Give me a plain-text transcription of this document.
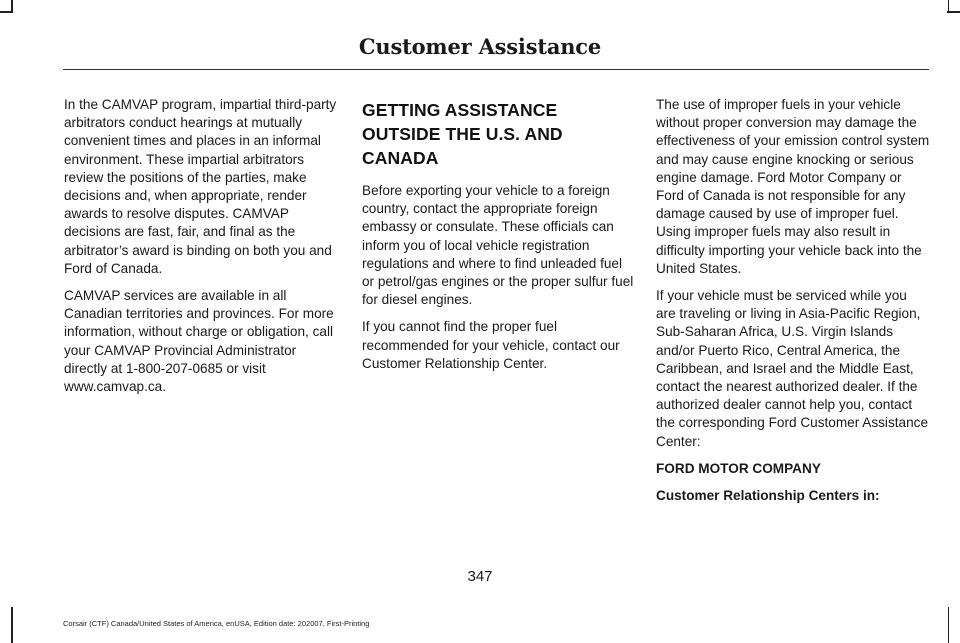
Customer Assistance

In the CAMVAP program, impartial third-party arbitrators conduct hearings at mutually convenient times and places in an informal environment. These impartial arbitrators review the positions of the parties, make decisions and, when appropriate, render awards to resolve disputes. CAMVAP decisions are fast, fair, and final as the arbitrator’s award is binding on both you and Ford of Canada.

CAMVAP services are available in all Canadian territories and provinces. For more information, without charge or obligation, call your CAMVAP Provincial Administrator directly at 1-800-207-0685 or visit www.camvap.ca.

GETTING ASSISTANCE OUTSIDE THE U.S. AND CANADA

Before exporting your vehicle to a foreign country, contact the appropriate foreign embassy or consulate. These officials can inform you of local vehicle registration regulations and where to find unleaded fuel or petrol/gas engines or the proper sulfur fuel for diesel engines.

If you cannot find the proper fuel recommended for your vehicle, contact our Customer Relationship Center.

The use of improper fuels in your vehicle without proper conversion may damage the effectiveness of your emission control system and may cause engine knocking or serious engine damage. Ford Motor Company or Ford of Canada is not responsible for any damage caused by use of improper fuel. Using improper fuels may also result in difficulty importing your vehicle back into the United States.

If your vehicle must be serviced while you are traveling or living in Asia-Pacific Region, Sub-Saharan Africa, U.S. Virgin Islands and/or Puerto Rico, Central America, the Caribbean, and Israel and the Middle East, contact the nearest authorized dealer. If the authorized dealer cannot help you, contact the corresponding Ford Customer Assistance Center:

FORD MOTOR COMPANY

Customer Relationship Centers in:

347
Corsair (CTF) Canada/United States of America, enUSA, Edition date: 202007, First-Printing
